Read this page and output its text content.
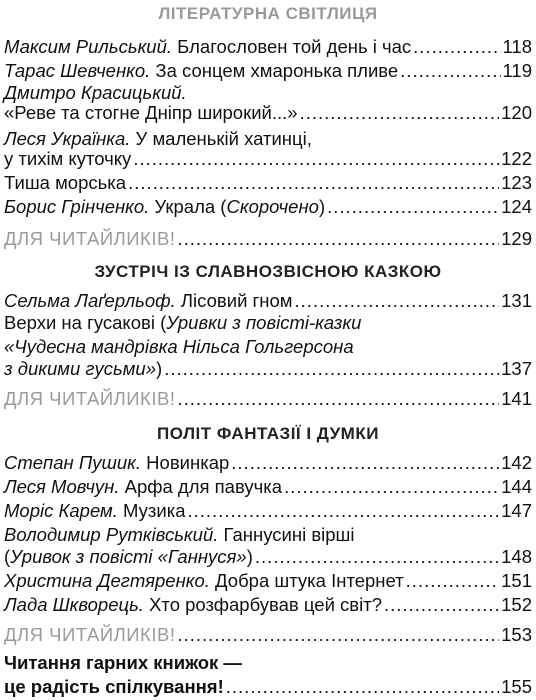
ЛІТЕРАТУРНА СВІТЛИЦЯ
Максим Рильський. Благословен той день і час .....	118
Тарас Шевченко. За сонцем хмаронька пливе .....	119
Дмитро Красицький.
«Реве та стогне Дніпр широкий...» .....	120
Леся Українка. У маленькій хатинці,
у тихім куточку .....	122
Тиша морська .....	123
Борис Грінченко. Украла (Скорочено) .....	124
ДЛЯ ЧИТАЙЛИКІВ! .....	129
ЗУСТРІЧ ІЗ СЛАВНОЗВІСНОЮ КАЗКОЮ
Сельма Лаґерльоф. Лісовий гном .....	131
Верхи на гусакові (Уривки з повісті-казки
«Чудесна мандрівка Нільса Гольгерсона
з дикими гусьми») .....	137
ДЛЯ ЧИТАЙЛИКІВ! .....	141
ПОЛІТ ФАНТАЗІЇ І ДУМКИ
Степан Пушик. Новинкар .....	142
Леся Мовчун. Арфа для павучка .....	144
Моріс Карем. Музика .....	147
Володимир Рутківський. Ганнусині вірші
(Уривок з повісті «Ганнуся») .....	148
Христина Дегтяренко. Добра штука Інтернет .....	151
Лада Шкворець. Хто розфарбував цей світ? .....	152
ДЛЯ ЧИТАЙЛИКІВ! .....	153
Читання гарних книжок —
це радість спілкування! .....	155
